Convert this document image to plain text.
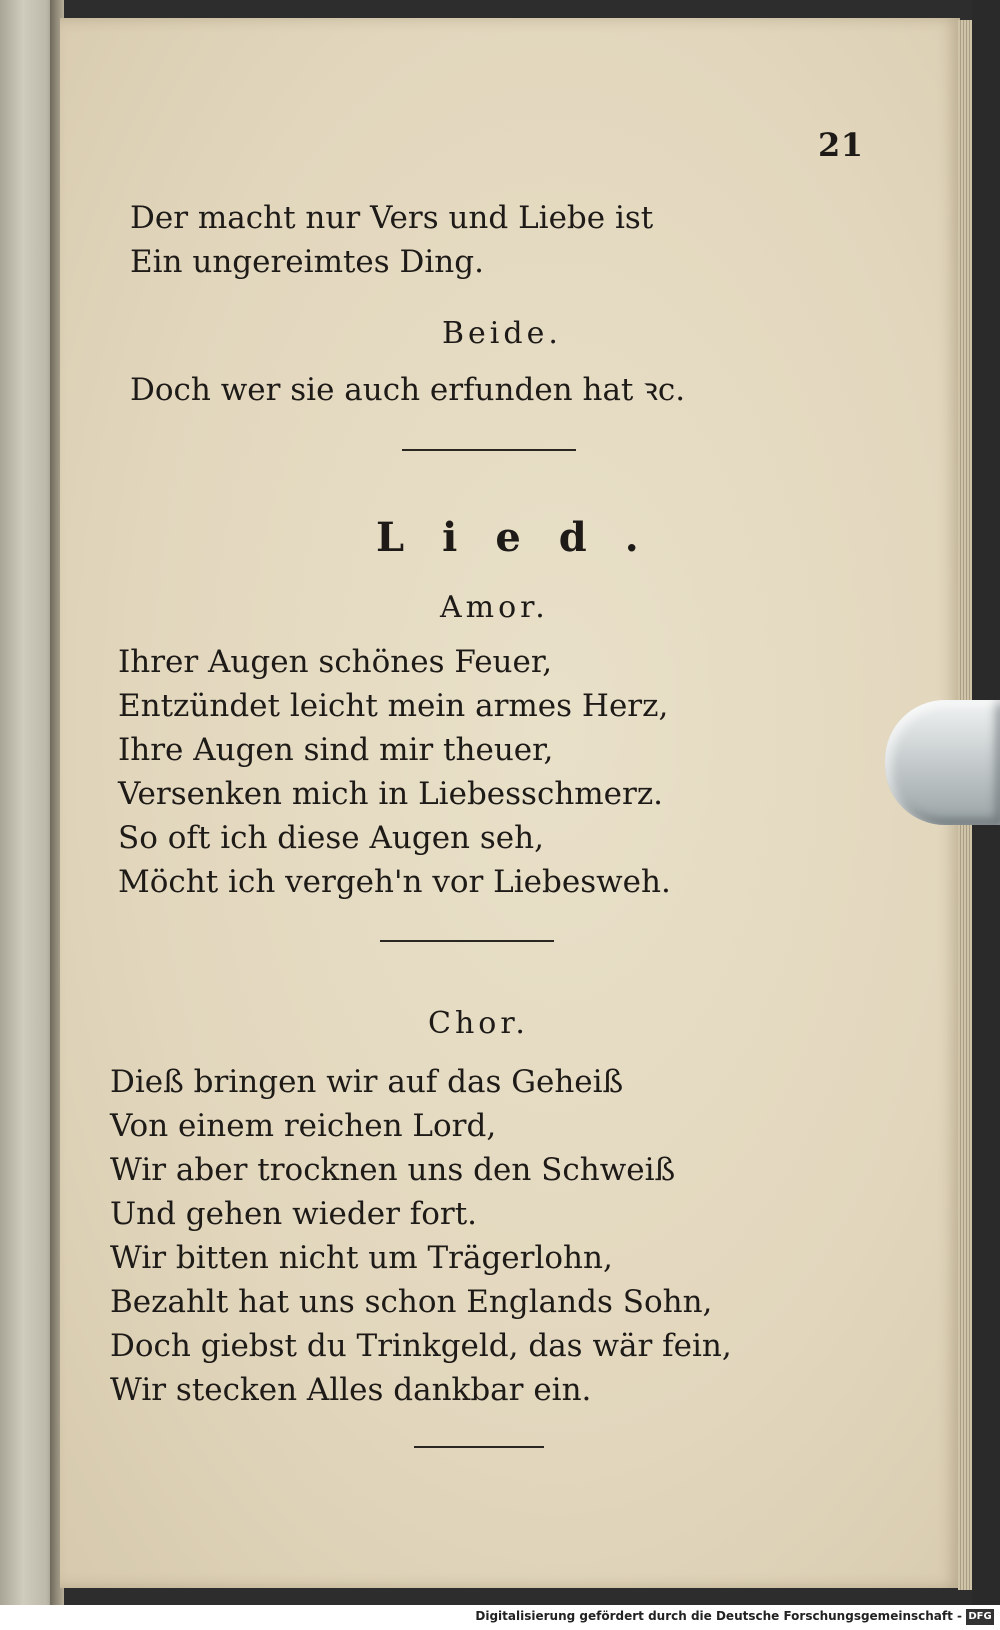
21
Der macht nur Vers und Liebe ist
Ein ungereimtes Ding.
Beide.
Doch wer sie auch erfunden hat ꝛc.
Lied.
Amor.
Ihrer Augen schönes Feuer,
Entzündet leicht mein armes Herz,
Ihre Augen sind mir theuer,
Versenken mich in Liebesschmerz.
So oft ich diese Augen seh,
Möcht ich vergeh'n vor Liebesweh.
Chor.
Dieß bringen wir auf das Geheiß
Von einem reichen Lord,
Wir aber trocknen uns den Schweiß
Und gehen wieder fort.
Wir bitten nicht um Trägerlohn,
Bezahlt hat uns schon Englands Sohn,
Doch giebst du Trinkgeld, das wär fein,
Wir stecken Alles dankbar ein.
Digitalisierung gefördert durch die Deutsche Forschungsgemeinschaft - DFG
